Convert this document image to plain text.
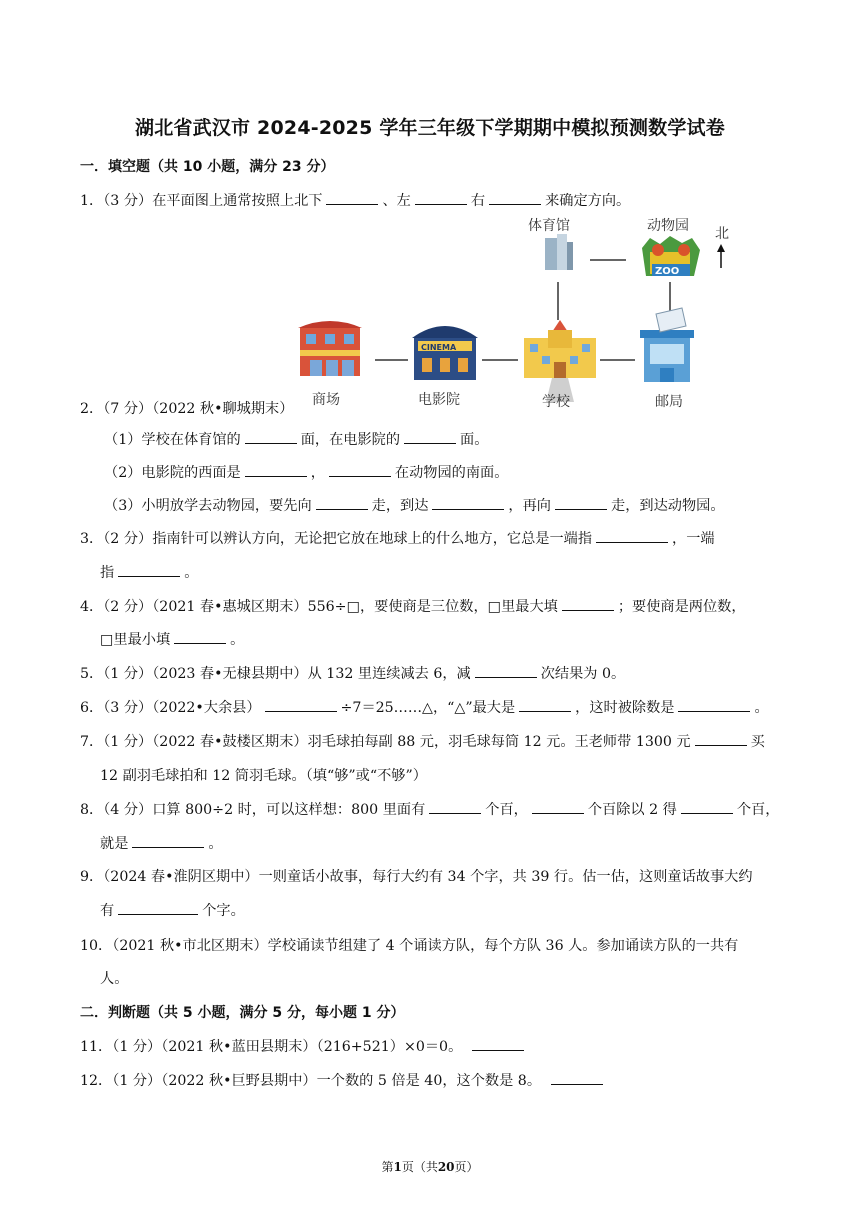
湖北省武汉市 2024-2025 学年三年级下学期期中模拟预测数学试卷
一．填空题（共 10 小题，满分 23 分）
1．（3 分）在平面图上通常按照上北下	、左	右	来确定方向。
体育馆
ZOO
动物园 北
商场
CINEMA
电影院	学校	邮局
2．（7 分）（2022 秋•聊城期末）
（1）学校在体育馆的	面，在电影院的	面。
（2）电影院的西面是	，	在动物园的南面。
（3）小明放学去动物园，要先向	走，到达	，再向	走，到达动物园。
3．（2 分）指南针可以辨认方向，无论把它放在地球上的什么地方，它总是一端指	，一端
指	。
4．（2 分）（2021 春•惠城区期末）556÷□，要使商是三位数，□里最大填	；要使商是两位数，
□里最小填	。
5．（1 分）（2023 春•无棣县期中）从 132 里连续减去 6，减	次结果为 0。
6．（3 分）（2022•大余县）	÷7＝25……△，“△”最大是	，这时被除数是	。
7．（1 分）（2022 春•鼓楼区期末）羽毛球拍每副 88 元，羽毛球每筒 12 元。王老师带 1300 元	买
12 副羽毛球拍和 12 筒羽毛球。（填“够”或“不够”）
8．（4 分）口算 800÷2 时，可以这样想：800 里面有	个百，	个百除以 2 得	个百，
就是	。
9．（2024 春•淮阴区期中）一则童话小故事，每行大约有 34 个字，共 39 行。估一估，这则童话故事大约
有	个字。
10．（2021 秋•市北区期末）学校诵读节组建了 4 个诵读方队，每个方队 36 人。参加诵读方队的一共有
人。
二．判断题（共 5 小题，满分 5 分，每小题 1 分）
11．（1 分）（2021 秋•蓝田县期末）（216+521）×0＝0。
12．（1 分）（2022 秋•巨野县期中）一个数的 5 倍是 40，这个数是 8。
第1页（共20页）
